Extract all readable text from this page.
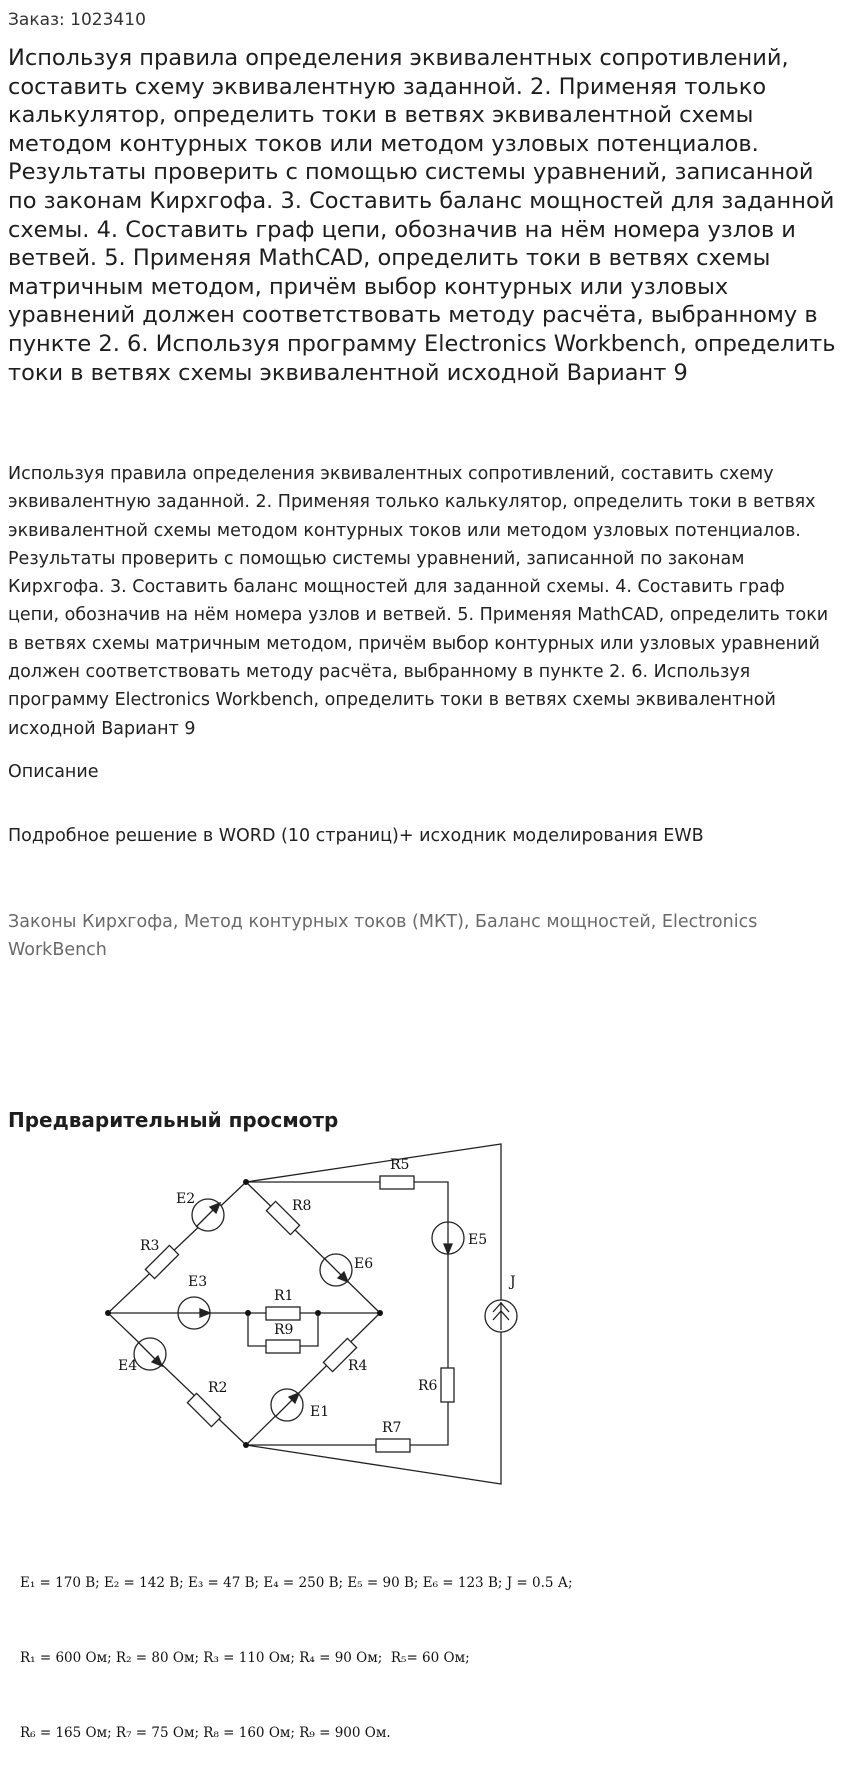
Заказ: 1023410
Используя правила определения эквивалентных сопротивлений, составить схему эквивалентную заданной. 2. Применяя только калькулятор, определить токи в ветвях эквивалентной схемы методом контурных токов или методом узловых потенциалов. Результаты проверить с помощью системы уравнений, записанной по законам Кирхгофа. 3. Составить баланс мощностей для заданной схемы. 4. Составить граф цепи, обозначив на нём номера узлов и ветвей. 5. Применяя MathCAD, определить токи в ветвях схемы матричным методом, причём выбор контурных или узловых уравнений должен соответствовать методу расчёта, выбранному в пункте 2. 6. Используя программу Electronics Workbench, определить токи в ветвях схемы эквивалентной исходной Вариант 9

Используя правила определения эквивалентных сопротивлений, составить схему эквивалентную заданной. 2. Применяя только калькулятор, определить токи в ветвях эквивалентной схемы методом контурных токов или методом узловых потенциалов. Результаты проверить с помощью системы уравнений, записанной по законам Кирхгофа. 3. Составить баланс мощностей для заданной схемы. 4. Составить граф цепи, обозначив на нём номера узлов и ветвей. 5. Применяя MathCAD, определить токи в ветвях схемы матричным методом, причём выбор контурных или узловых уравнений должен соответствовать методу расчёта, выбранному в пункте 2. 6. Используя программу Electronics Workbench, определить токи в ветвях схемы эквивалентной исходной Вариант 9

Описание
Подробное решение в WORD (10 страниц)+ исходник моделирования EWB
Законы Кирхгофа, Метод контурных токов (МКТ), Баланс мощностей, Electronics WorkBench
Предварительный просмотр
R5
E2	R8
E5
R3
E6
J
E3
R1
R9
E4	R4
R2	R6
E1
R7

E₁ = 170 В; E₂ = 142 В; E₃ = 47 В; E₄ = 250 В; E₅ = 90 В; E₆ = 123 В; J = 0.5 А;

R₁ = 600 Ом; R₂ = 80 Ом; R₃ = 110 Ом; R₄ = 90 Ом;  R₅= 60 Ом;

R₆ = 165 Ом; R₇ = 75 Ом; R₈ = 160 Ом; R₉ = 900 Ом.
